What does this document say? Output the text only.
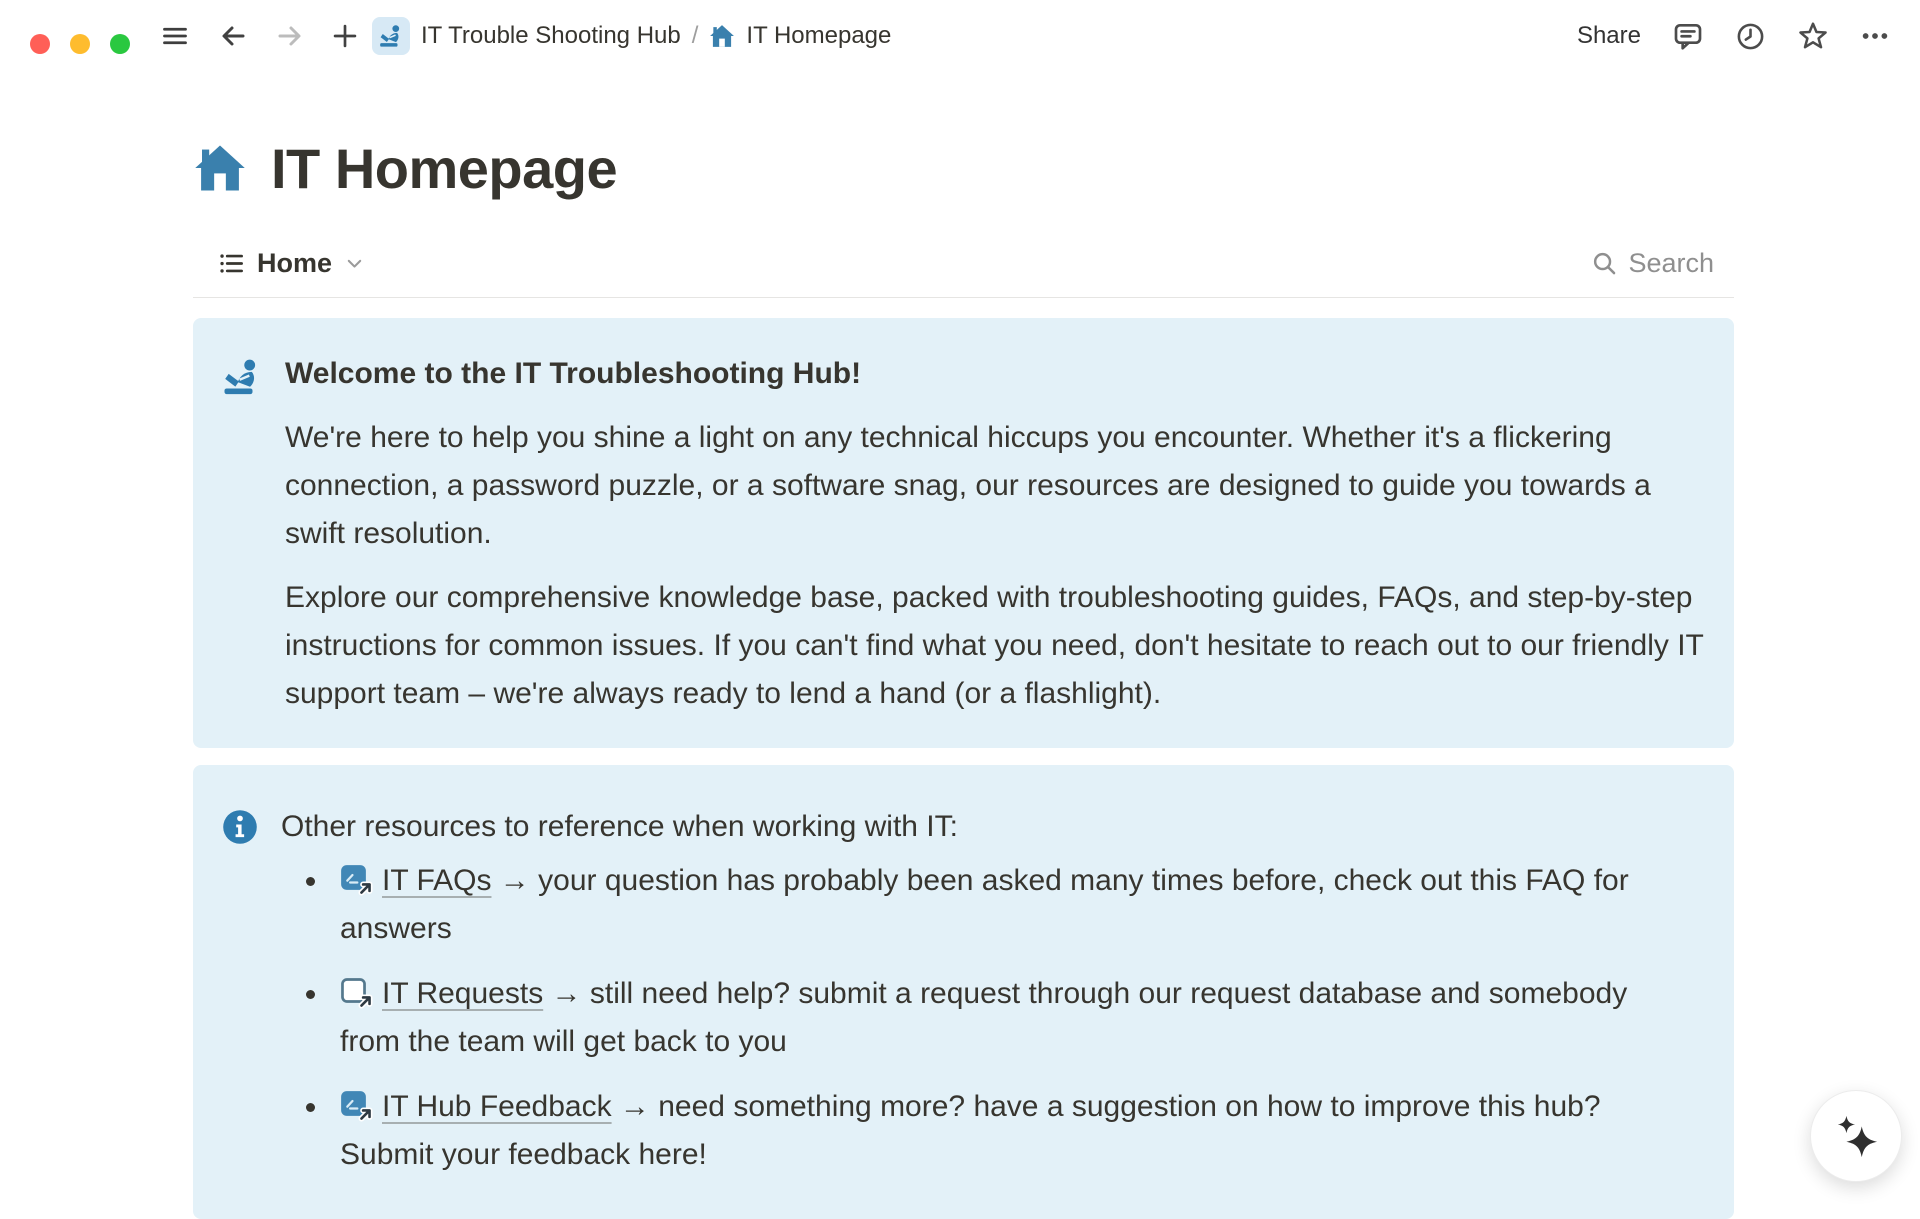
IT Trouble Shooting Hub / IT Homepage	Share
IT Homepage
Home	Search
Welcome to the IT Troubleshooting Hub!

We're here to help you shine a light on any technical hiccups you encounter. Whether it's a flickering connection, a password puzzle, or a software snag, our resources are designed to guide you towards a swift resolution.

Explore our comprehensive knowledge base, packed with troubleshooting guides, FAQs, and step-by-step instructions for common issues. If you can't find what you need, don't hesitate to reach out to our friendly IT support team – we're always ready to lend a hand (or a flashlight).

Other resources to reference when working with IT:
IT FAQs → your question has probably been asked many times before, check out this FAQ for answers
IT Requests → still need help? submit a request through our request database and somebody from the team will get back to you
IT Hub Feedback → need something more? have a suggestion on how to improve this hub? Submit your feedback here!
